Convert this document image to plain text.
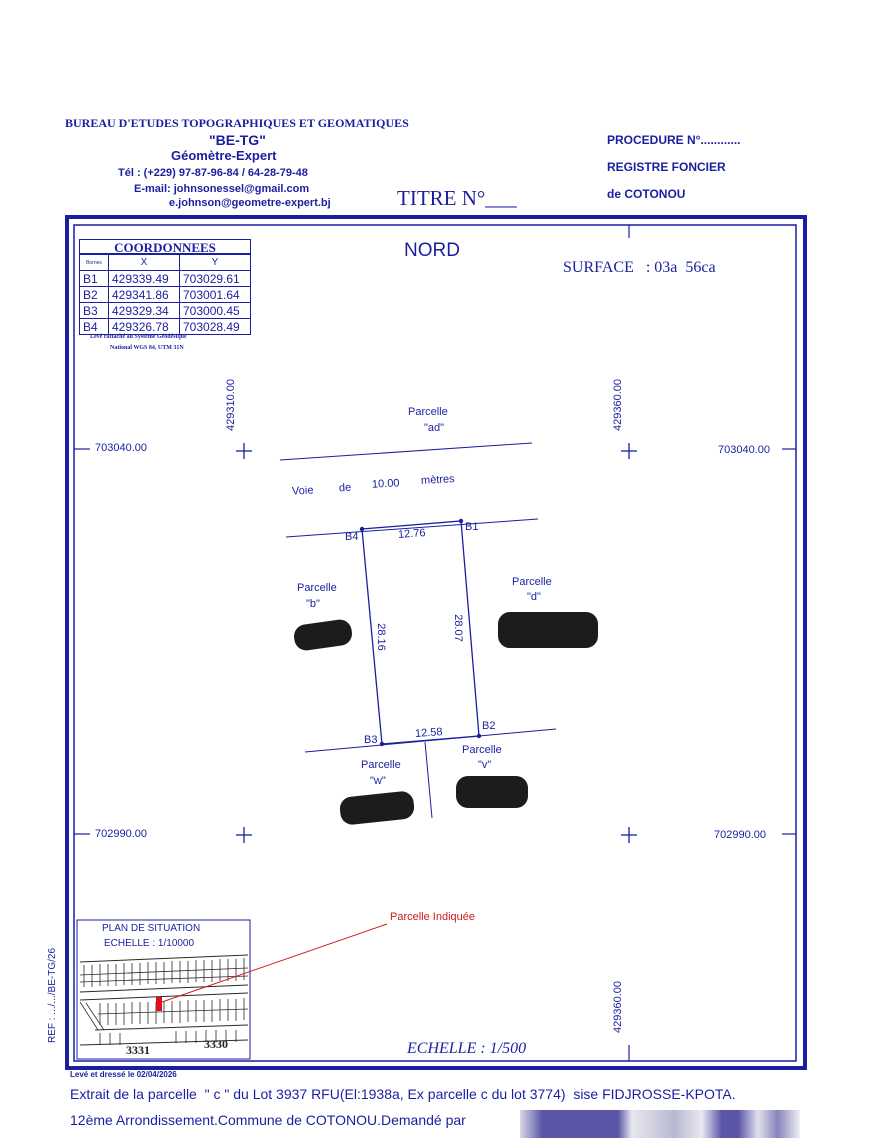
BUREAU D'ETUDES TOPOGRAPHIQUES ET GEOMATIQUES
"BE-TG"
Géomètre-Expert
Tél : (+229) 97-87-96-84 / 64-28-79-48
E-mail: johnsonessel@gmail.com
e.johnson@geometre-expert.bj	TITRE N°___
PROCEDURE N°............
REGISTRE FONCIER
de COTONOU
COORDONNEES
Bornes	X	Y
B1	429339.49	703029.61
B2	429341.86	703001.64
B3	429329.34	703000.45
B4	429326.78	703028.49
Levé rattaché au Système Géodésique
National WGS 84, UTM 31N
NORD
SURFACE   : 03a  56ca
703040.00	703040.00
702990.00	702990.00
429310.00	429360.00
429360.00
Parcelle
"ad"
Voie de 10.00 mètres
B1
B2
B3
B4	12.76
12.58
28.16	28.07
Parcelle
"b"
Parcelle
"d"
Parcelle
"w"
Parcelle
"v"
Parcelle Indiquée
PLAN DE SITUATION
ECHELLE : 1/10000
3331	3330
REF : .../.../BE-TG/26
ECHELLE : 1/500
Levé et dressé le 02/04/2026
Extrait de la parcelle  " c " du Lot 3937 RFU(El:1938a, Ex parcelle c du lot 3774)  sise FIDJROSSE-KPOTA.
12ème Arrondissement.Commune de COTONOU.Demandé par
